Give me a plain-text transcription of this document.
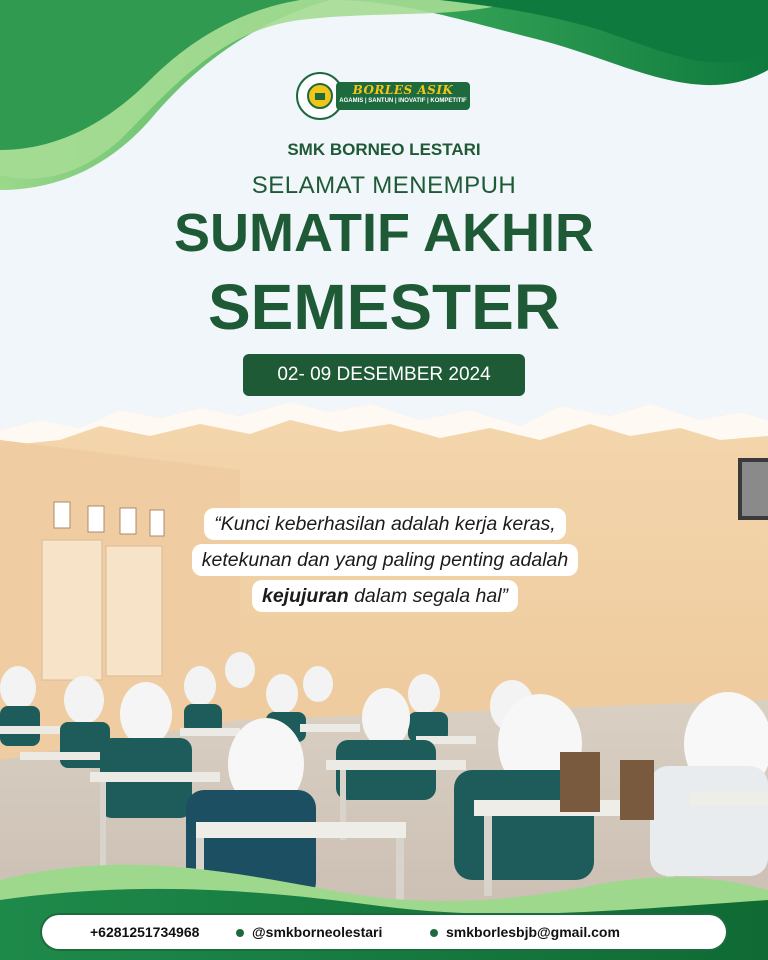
BORLES ASIK
AGAMIS | SANTUN | INOVATIF | KOMPETITIF
SMK BORNEO LESTARI
SELAMAT MENEMPUH
SUMATIF AKHIR
SEMESTER
02- 09 DESEMBER 2024
“Kunci keberhasilan adalah kerja keras,
ketekunan dan yang paling penting adalah
kejujuran dalam segala hal”
+6281251734968	@smkborneolestari	smkborlesbjb@gmail.com
